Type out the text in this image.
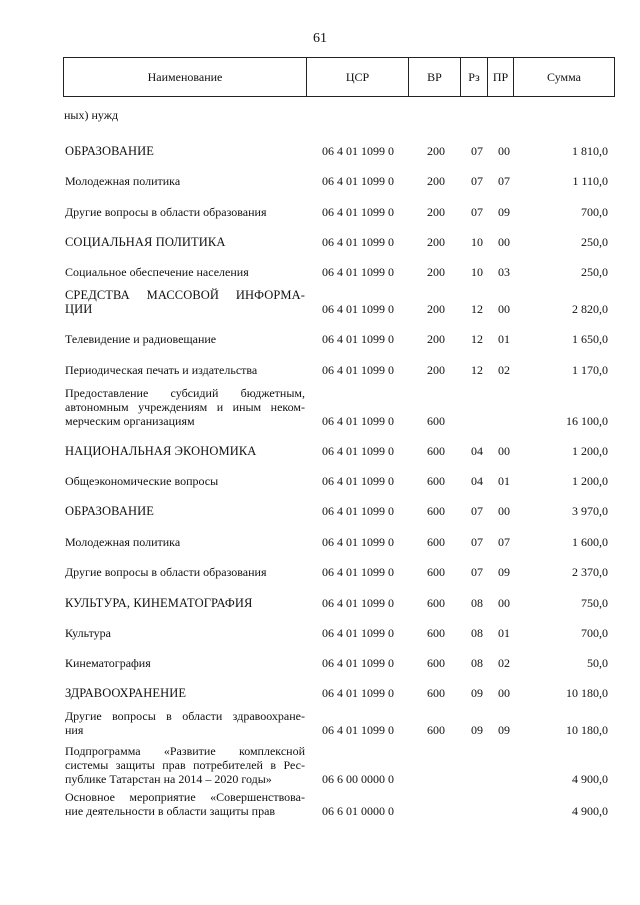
61
Наименование	ЦСР	ВР	Рз	ПР	Сумма
ных) нужд
ОБРАЗОВАНИЕ	06 4 01 1099 0	200 07 00	1 810,0
Молодежная политика	06 4 01 1099 0	200 07 07	1 110,0
Другие вопросы в области образования	06 4 01 1099 0	200 07 09	700,0
СОЦИАЛЬНАЯ ПОЛИТИКА	06 4 01 1099 0	200 10 00	250,0
Социальное обеспечение населения	06 4 01 1099 0	200 10 03	250,0
СРЕДСТВА МАССОВОЙ ИНФОРМА-
ЦИИ	06 4 01 1099 0	200 12 00	2 820,0
Телевидение и радиовещание	06 4 01 1099 0	200 12 01	1 650,0
Периодическая печать и издательства	06 4 01 1099 0	200 12 02	1 170,0
Предоставление субсидий бюджетным,
автономным учреждениям и иным неком-
мерческим организациям	06 4 01 1099 0	600	16 100,0
НАЦИОНАЛЬНАЯ ЭКОНОМИКА	06 4 01 1099 0	600 04 00	1 200,0
Общеэкономические вопросы	06 4 01 1099 0	600 04 01	1 200,0
ОБРАЗОВАНИЕ	06 4 01 1099 0	600 07 00	3 970,0
Молодежная политика	06 4 01 1099 0	600 07 07	1 600,0
Другие вопросы в области образования	06 4 01 1099 0	600 07 09	2 370,0
КУЛЬТУРА, КИНЕМАТОГРАФИЯ	06 4 01 1099 0	600 08 00	750,0
Культура	06 4 01 1099 0	600 08 01	700,0
Кинематография	06 4 01 1099 0	600 08 02	50,0
ЗДРАВООХРАНЕНИЕ	06 4 01 1099 0	600 09 00	10 180,0
Другие вопросы в области здравоохране-
ния	06 4 01 1099 0	600 09 09	10 180,0
Подпрограмма «Развитие комплексной
системы защиты прав потребителей в Рес-
публике Татарстан на 2014 – 2020 годы»	06 6 00 0000 0	4 900,0
Основное мероприятие «Совершенствова-
ние деятельности в области защиты прав	06 6 01 0000 0	4 900,0
